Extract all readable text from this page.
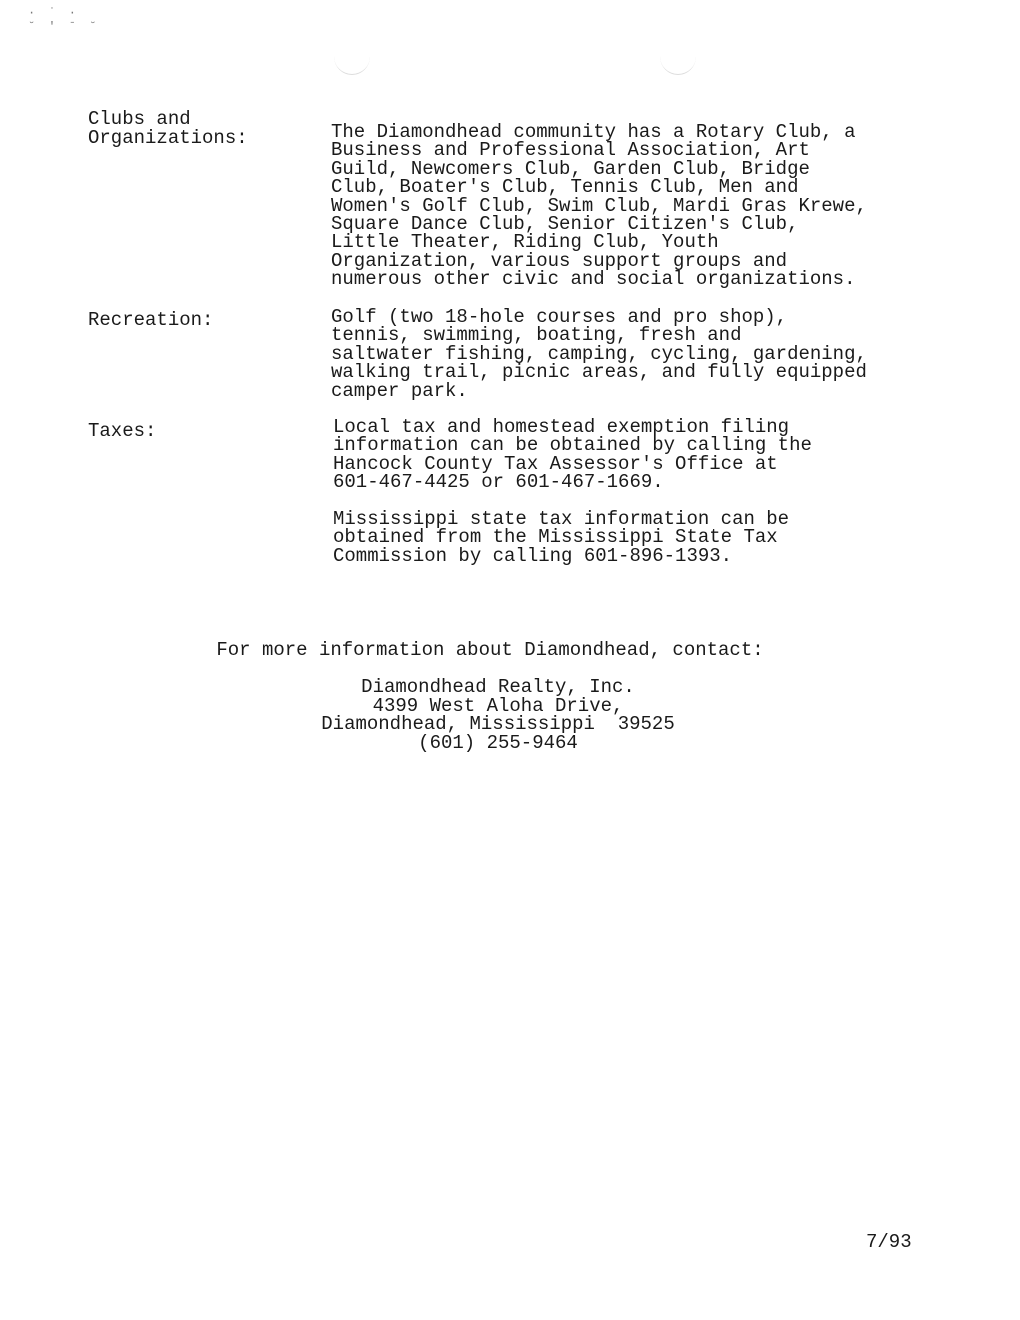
· ˙ ·
˘ ' ˉ ˘
Clubs and
Organizations:	The Diamondhead community has a Rotary Club, a
Business and Professional Association, Art
Guild, Newcomers Club, Garden Club, Bridge
Club, Boater's Club, Tennis Club, Men and
Women's Golf Club, Swim Club, Mardi Gras Krewe,
Square Dance Club, Senior Citizen's Club,
Little Theater, Riding Club, Youth
Organization, various support groups and
numerous other civic and social organizations.
Recreation:	Golf (two 18-hole courses and pro shop),
tennis, swimming, boating, fresh and
saltwater fishing, camping, cycling, gardening,
walking trail, picnic areas, and fully equipped
camper park.
Taxes:	Local tax and homestead exemption filing
information can be obtained by calling the
Hancock County Tax Assessor's Office at
601-467-4425 or 601-467-1669.
Mississippi state tax information can be
obtained from the Mississippi State Tax
Commission by calling 601-896-1393.
For more information about Diamondhead, contact:
Diamondhead Realty, Inc.
4399 West Aloha Drive,
Diamondhead, Mississippi  39525
(601) 255-9464
7/93
